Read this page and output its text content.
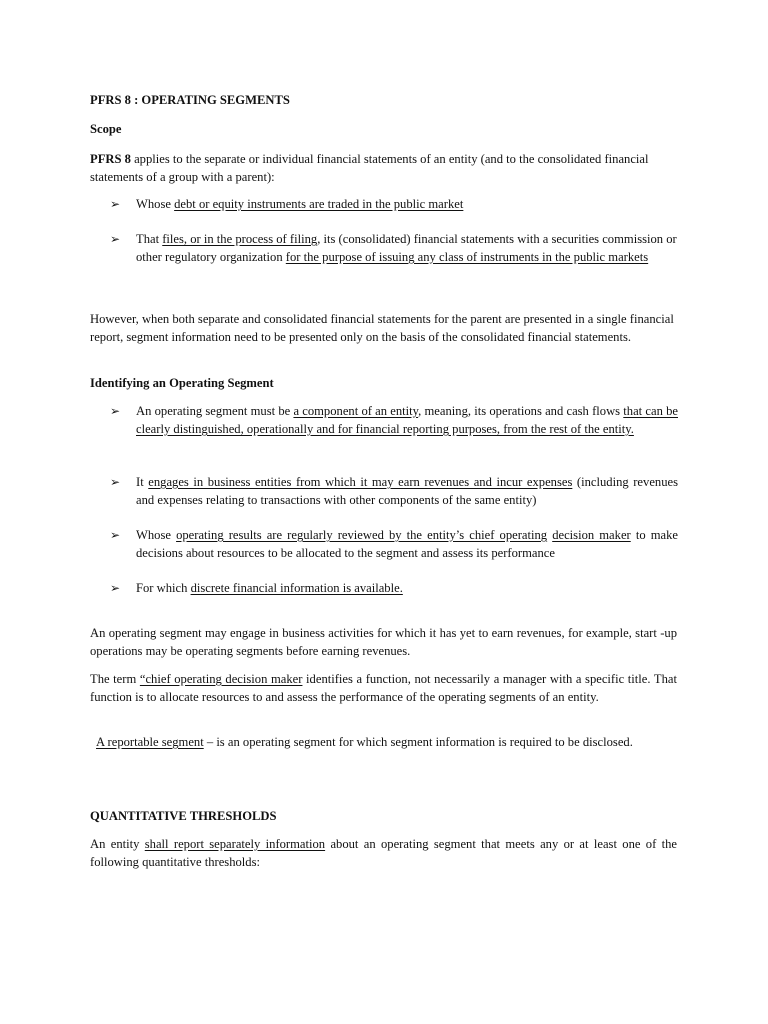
PFRS 8 : OPERATING SEGMENTS

Scope

PFRS 8 applies to the separate or individual financial statements of an entity (and to the consolidated financial statements of a group with a parent):

➢	Whose debt or equity instruments are traded in the public market

➢	That files, or in the process of filing, its (consolidated) financial statements with a securities commission or other regulatory organization for the purpose of issuing any class of instruments in the public markets

However, when both separate and consolidated financial statements for the parent are presented in a single financial report, segment information need to be presented only on the basis of the consolidated financial statements.

Identifying an Operating Segment

➢	An operating segment must be a component of an entity, meaning, its operations and cash flows that can be clearly distinguished, operationally and for financial reporting purposes, from the rest of the entity.

➢	It engages in business entities from which it may earn revenues and incur expenses (including revenues and expenses relating to transactions with other components of the same entity)

➢	Whose operating results are regularly reviewed by the entity’s chief operating decision maker to make decisions about resources to be allocated to the segment and assess its performance

➢	For which discrete financial information is available.

An operating segment may engage in business activities for which it has yet to earn revenues, for example, start -up operations may be operating segments before earning revenues.

The term “chief operating decision maker identifies a function, not necessarily a manager with a specific title. That function is to allocate resources to and assess the performance of the operating segments of an entity.

A reportable segment – is an operating segment for which segment information is required to be disclosed.

QUANTITATIVE THRESHOLDS

An entity shall report separately information about an operating segment that meets any or at least one of the following quantitative thresholds:
